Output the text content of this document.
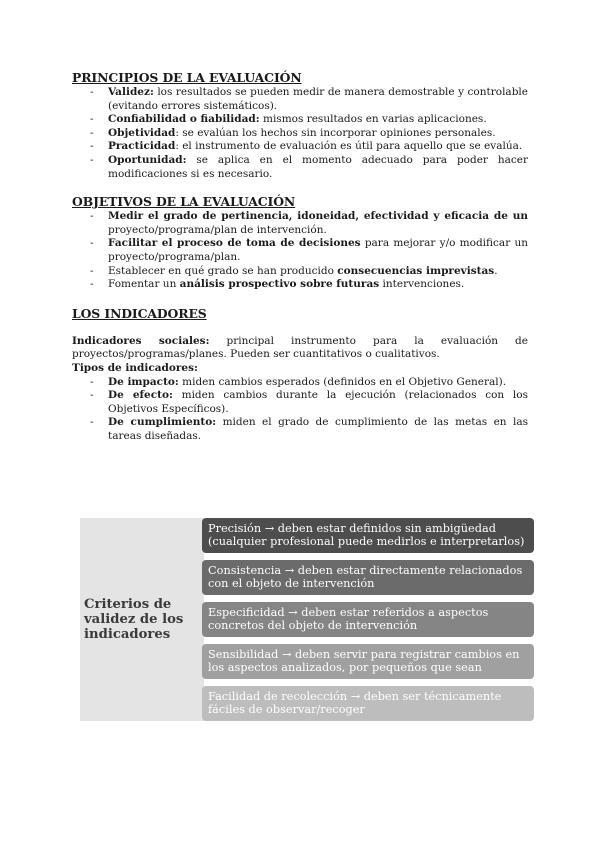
PRINCIPIOS DE LA EVALUACIÓN
- Validez: los resultados se pueden medir de manera demostrable y controlable (evitando errores sistemáticos).
- Confiabilidad o fiabilidad: mismos resultados en varias aplicaciones.
- Objetividad: se evalúan los hechos sin incorporar opiniones personales.
- Practicidad: el instrumento de evaluación es útil para aquello que se evalúa.
- Oportunidad: se aplica en el momento adecuado para poder hacer modificaciones si es necesario.
OBJETIVOS DE LA EVALUACIÓN
- Medir el grado de pertinencia, idoneidad, efectividad y eficacia de un proyecto/programa/plan de intervención.
- Facilitar el proceso de toma de decisiones para mejorar y/o modificar un proyecto/programa/plan.
- Establecer en qué grado se han producido consecuencias imprevistas.
- Fomentar un análisis prospectivo sobre futuras intervenciones.
LOS INDICADORES

Indicadores sociales: principal instrumento para la evaluación de proyectos/programas/planes. Pueden ser cuantitativos o cualitativos.

Tipos de indicadores:

- De impacto: miden cambios esperados (definidos en el Objetivo General).
- De efecto: miden cambios durante la ejecución (relacionados con los Objetivos Específicos).
- De cumplimiento: miden el grado de cumplimiento de las metas en las tareas diseñadas.
Criterios de validez de los indicadores
Precisión → deben estar definidos sin ambigüedad (cualquier profesional puede medirlos e interpretarlos)
Consistencia → deben estar directamente relacionados con el objeto de intervención
Especificidad → deben estar referidos a aspectos concretos del objeto de intervención
Sensibilidad → deben servir para registrar cambios en los aspectos analizados, por pequeños que sean
Facilidad de recolección → deben ser técnicamente fáciles de observar/recoger
